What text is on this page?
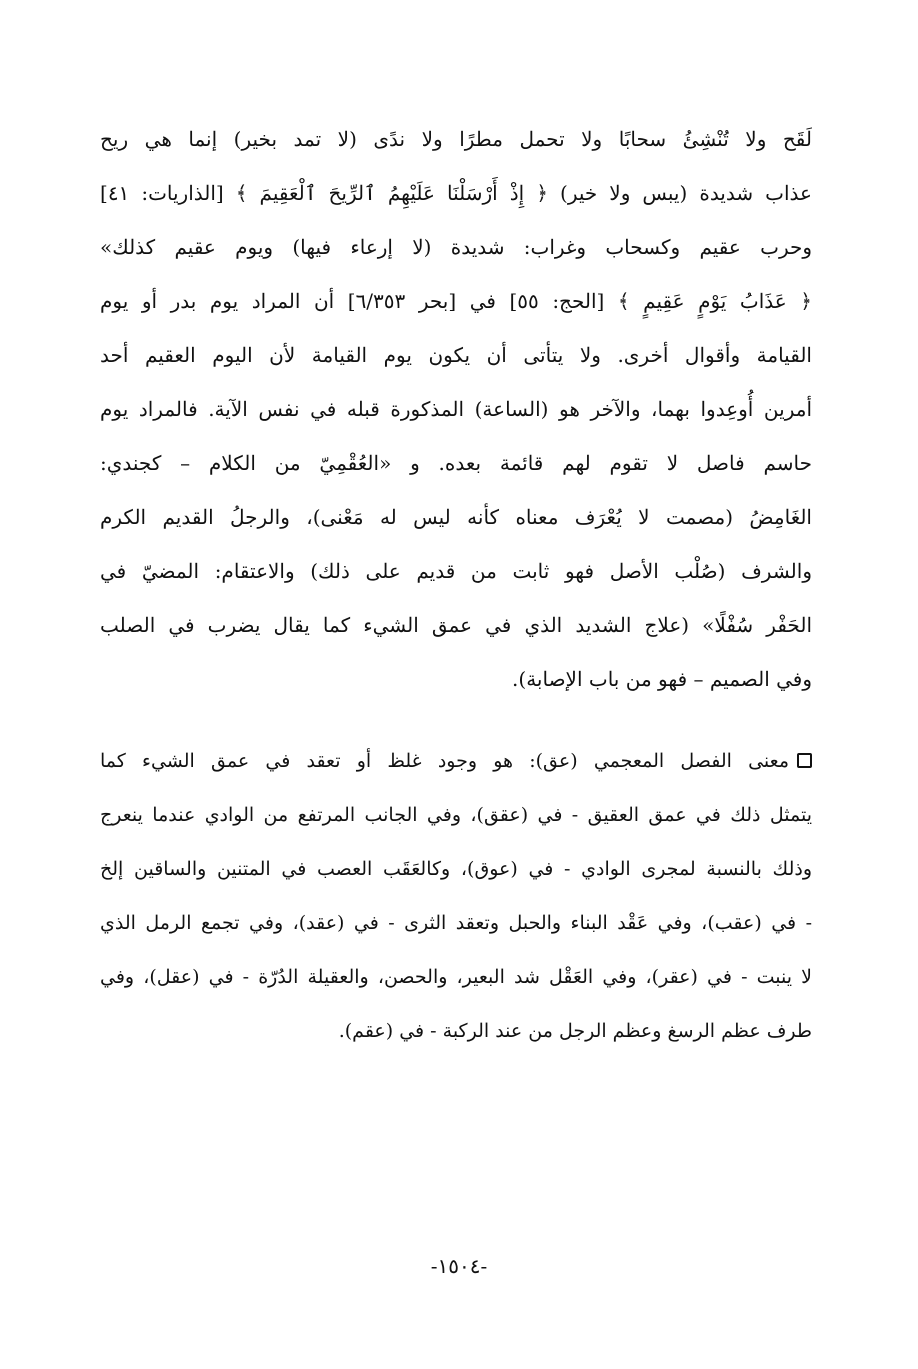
لَقَح ولا تُنْشِئُ سحابًا ولا تحمل مطرًا ولا ندًى (لا تمد بخير) إنما هي ريح
عذاب شديدة (يبس ولا خير) ﴿ إِذْ أَرْسَلْنَا عَلَيْهِمُ ٱلرِّيحَ ٱلْعَقِيمَ ﴾ [الذاريات: ٤١]
وحرب عقيم وكسحاب وغراب: شديدة (لا إرعاء فيها) ويوم عقيم كذلك»
﴿ عَذَابُ يَوْمٍ عَقِيمٍ ﴾ [الحج: ٥٥] في [بحر ٦/٣٥٣] أن المراد يوم بدر أو يوم
القيامة وأقوال أخرى. ولا يتأتى أن يكون يوم القيامة لأن اليوم العقيم أحد
أمرين أُوعِدوا بهما، والآخر هو (الساعة) المذكورة قبله في نفس الآية. فالمراد يوم
حاسم فاصل لا تقوم لهم قائمة بعده. و «العُقْمِيّ من الكلام – كجندي:
الغَامِضُ (مصمت لا يُعْرَف معناه كأنه ليس له مَعْنى)، والرجلُ القديم الكرم
والشرف (صُلْب الأصل فهو ثابت من قديم على ذلك) والاعتقام: المضيّ في
الحَفْر سُفْلًا» (علاج الشديد الذي في عمق الشيء كما يقال يضرب في الصلب
وفي الصميم – فهو من باب الإصابة).
معنى الفصل المعجمي (عق): هو وجود غلظ أو تعقد في عمق الشيء كما
يتمثل ذلك في عمق العقيق - في (عقق)، وفي الجانب المرتفع من الوادي عندما ينعرج
وذلك بالنسبة لمجرى الوادي - في (عوق)، وكالعَقَب العصب في المتنين والساقين إلخ
- في (عقب)، وفي عَقْد البناء والحبل وتعقد الثرى - في (عقد)، وفي تجمع الرمل الذي
لا ينبت - في (عقر)، وفي العَقْل شد البعير، والحصن، والعقيلة الدُرّة - في (عقل)، وفي
طرف عظم الرسغ وعظم الرجل من عند الركبة - في (عقم).
-١٥٠٤-
